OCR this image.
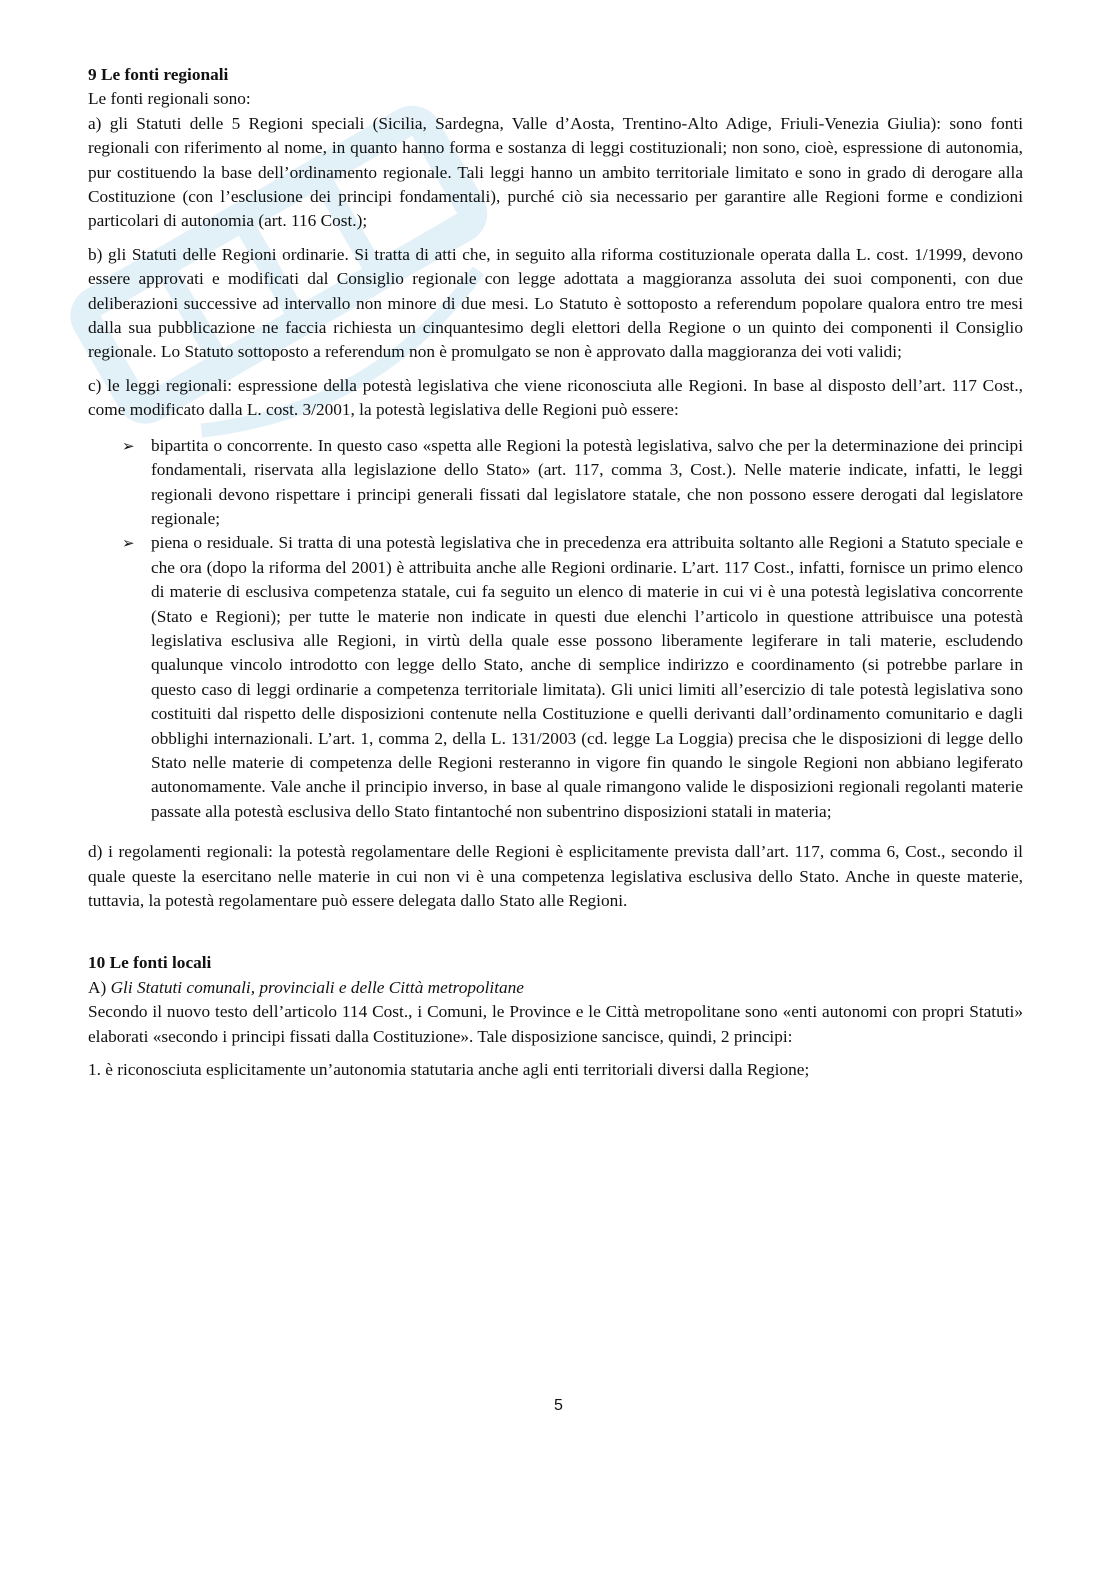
9 Le fonti regionali

Le fonti regionali sono:

a) gli Statuti delle 5 Regioni speciali (Sicilia, Sardegna, Valle d’Aosta, Trentino-Alto Adige, Friuli-Venezia Giulia): sono fonti regionali con riferimento al nome, in quanto hanno forma e sostanza di leggi costituzionali; non sono, cioè, espressione di autonomia, pur costituendo la base dell’ordinamento regionale. Tali leggi hanno un ambito territoriale limitato e sono in grado di derogare alla Costituzione (con l’esclusione dei principi fondamentali), purché ciò sia necessario per garantire alle Regioni forme e condizioni particolari di autonomia (art. 116 Cost.);

b) gli Statuti delle Regioni ordinarie. Si tratta di atti che, in seguito alla riforma costituzionale operata dalla L. cost. 1/1999, devono essere approvati e modificati dal Consiglio regionale con legge adottata a maggioranza assoluta dei suoi componenti, con due deliberazioni successive ad intervallo non minore di due mesi. Lo Statuto è sottoposto a referendum popolare qualora entro tre mesi dalla sua pubblicazione ne faccia richiesta un cinquantesimo degli elettori della Regione o un quinto dei componenti il Consiglio regionale. Lo Statuto sottoposto a referendum non è promulgato se non è approvato dalla maggioranza dei voti validi;

c) le leggi regionali: espressione della potestà legislativa che viene riconosciuta alle Regioni. In base al disposto dell’art. 117 Cost., come modificato dalla L. cost. 3/2001, la potestà legislativa delle Regioni può essere:

➢ bipartita o concorrente. In questo caso «spetta alle Regioni la potestà legislativa, salvo che per la determinazione dei principi fondamentali, riservata alla legislazione dello Stato» (art. 117, comma 3, Cost.). Nelle materie indicate, infatti, le leggi regionali devono rispettare i principi generali fissati dal legislatore statale, che non possono essere derogati dal legislatore regionale;
➢ piena o residuale. Si tratta di una potestà legislativa che in precedenza era attribuita soltanto alle Regioni a Statuto speciale e che ora (dopo la riforma del 2001) è attribuita anche alle Regioni ordinarie. L’art. 117 Cost., infatti, fornisce un primo elenco di materie di esclusiva competenza statale, cui fa seguito un elenco di materie in cui vi è una potestà legislativa concorrente (Stato e Regioni); per tutte le materie non indicate in questi due elenchi l’articolo in questione attribuisce una potestà legislativa esclusiva alle Regioni, in virtù della quale esse possono liberamente legiferare in tali materie, escludendo qualunque vincolo introdotto con legge dello Stato, anche di semplice indirizzo e coordinamento (si potrebbe parlare in questo caso di leggi ordinarie a competenza territoriale limitata). Gli unici limiti all’esercizio di tale potestà legislativa sono costituiti dal rispetto delle disposizioni contenute nella Costituzione e quelli derivanti dall’ordinamento comunitario e dagli obblighi internazionali. L’art. 1, comma 2, della L. 131/2003 (cd. legge La Loggia) precisa che le disposizioni di legge dello Stato nelle materie di competenza delle Regioni resteranno in vigore fin quando le singole Regioni non abbiano legiferato autonomamente. Vale anche il principio inverso, in base al quale rimangono valide le disposizioni regionali regolanti materie passate alla potestà esclusiva dello Stato fintantoché non subentrino disposizioni statali in materia;

d) i regolamenti regionali: la potestà regolamentare delle Regioni è esplicitamente prevista dall’art. 117, comma 6, Cost., secondo il quale queste la esercitano nelle materie in cui non vi è una competenza legislativa esclusiva dello Stato. Anche in queste materie, tuttavia, la potestà regolamentare può essere delegata dallo Stato alle Regioni.

10 Le fonti locali

A) Gli Statuti comunali, provinciali e delle Città metropolitane

Secondo il nuovo testo dell’articolo 114 Cost., i Comuni, le Province e le Città metropolitane sono «enti autonomi con propri Statuti» elaborati «secondo i principi fissati dalla Costituzione». Tale disposizione sancisce, quindi, 2 principi:

1. è riconosciuta esplicitamente un’autonomia statutaria anche agli enti territoriali diversi dalla Regione;

5
